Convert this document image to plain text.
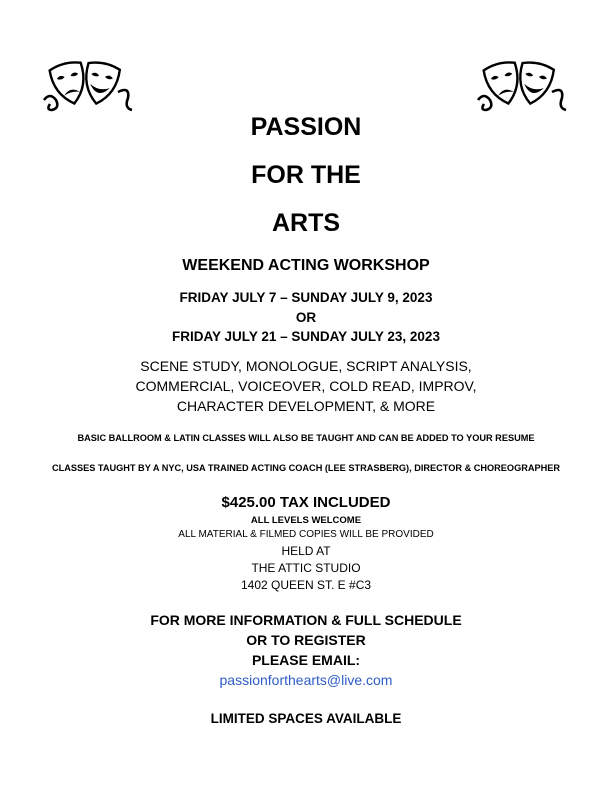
PASSION
FOR THE
ARTS
WEEKEND ACTING WORKSHOP
FRIDAY JULY 7 – SUNDAY JULY 9, 2023
OR
FRIDAY JULY 21 – SUNDAY JULY 23, 2023
SCENE STUDY, MONOLOGUE, SCRIPT ANALYSIS,
COMMERCIAL, VOICEOVER, COLD READ, IMPROV,
CHARACTER DEVELOPMENT, & MORE
BASIC BALLROOM & LATIN CLASSES WILL ALSO BE TAUGHT AND CAN BE ADDED TO YOUR RESUME
CLASSES TAUGHT BY A NYC, USA TRAINED ACTING COACH (LEE STRASBERG), DIRECTOR & CHOREOGRAPHER
$425.00 TAX INCLUDED
ALL LEVELS WELCOME
ALL MATERIAL & FILMED COPIES WILL BE PROVIDED
HELD AT
THE ATTIC STUDIO
1402 QUEEN ST. E #C3
FOR MORE INFORMATION & FULL SCHEDULE
OR TO REGISTER
PLEASE EMAIL:
passionforthearts@live.com
LIMITED SPACES AVAILABLE
